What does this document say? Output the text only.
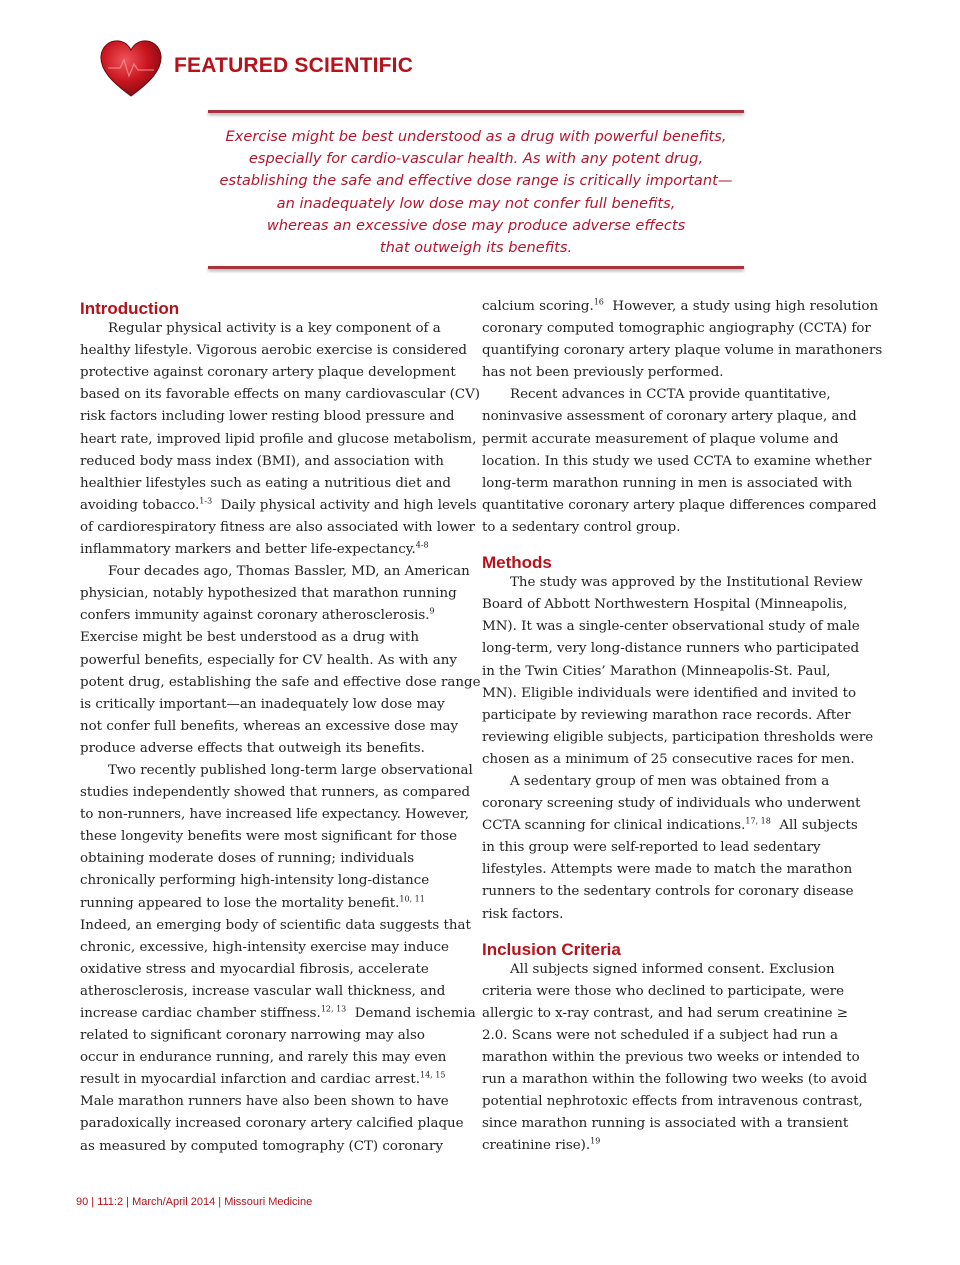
FEATURED SCIENTIFIC

Exercise might be best understood as a drug with powerful benefits,
especially for cardio-vascular health. As with any potent drug,
establishing the safe and effective dose range is critically important—
an inadequately low dose may not confer full benefits,
whereas an excessive dose may produce adverse effects
that outweigh its benefits.

Introduction
Regular physical activity is a key component of a
healthy lifestyle. Vigorous aerobic exercise is considered
protective against coronary artery plaque development
based on its favorable effects on many cardiovascular (CV)
risk factors including lower resting blood pressure and
heart rate, improved lipid profile and glucose metabolism,
reduced body mass index (BMI), and association with
healthier lifestyles such as eating a nutritious diet and
avoiding tobacco.$^{1-3}$  Daily physical activity and high levels
of cardiorespiratory fitness are also associated with lower
inflammatory markers and better life-expectancy.$^{4-8}$
Four decades ago, Thomas Bassler, MD, an American
physician, notably hypothesized that marathon running
confers immunity against coronary atherosclerosis.$^9$
Exercise might be best understood as a drug with
powerful benefits, especially for CV health. As with any
potent drug, establishing the safe and effective dose range
is critically important—an inadequately low dose may
not confer full benefits, whereas an excessive dose may
produce adverse effects that outweigh its benefits.
Two recently published long-term large observational
studies independently showed that runners, as compared
to non-runners, have increased life expectancy. However,
these longevity benefits were most significant for those
obtaining moderate doses of running; individuals
chronically performing high-intensity long-distance
running appeared to lose the mortality benefit.$^{10, 11}$
Indeed, an emerging body of scientific data suggests that
chronic, excessive, high-intensity exercise may induce
oxidative stress and myocardial fibrosis, accelerate
atherosclerosis, increase vascular wall thickness, and
increase cardiac chamber stiffness.$^{12, 13}$  Demand ischemia
related to significant coronary narrowing may also
occur in endurance running, and rarely this may even
result in myocardial infarction and cardiac arrest.$^{14, 15}$
Male marathon runners have also been shown to have
paradoxically increased coronary artery calcified plaque
as measured by computed tomography (CT) coronary
calcium scoring.$^{16}$  However, a study using high resolution
coronary computed tomographic angiography (CCTA) for
quantifying coronary artery plaque volume in marathoners
has not been previously performed.
Recent advances in CCTA provide quantitative,
noninvasive assessment of coronary artery plaque, and
permit accurate measurement of plaque volume and
location. In this study we used CCTA to examine whether
long-term marathon running in men is associated with
quantitative coronary artery plaque differences compared
to a sedentary control group.
Methods
The study was approved by the Institutional Review
Board of Abbott Northwestern Hospital (Minneapolis,
MN). It was a single-center observational study of male
long-term, very long-distance runners who participated
in the Twin Cities’ Marathon (Minneapolis-St. Paul,
MN). Eligible individuals were identified and invited to
participate by reviewing marathon race records. After
reviewing eligible subjects, participation thresholds were
chosen as a minimum of 25 consecutive races for men.
A sedentary group of men was obtained from a
coronary screening study of individuals who underwent
CCTA scanning for clinical indications.$^{17, 18}$  All subjects
in this group were self-reported to lead sedentary
lifestyles. Attempts were made to match the marathon
runners to the sedentary controls for coronary disease
risk factors.
Inclusion Criteria
All subjects signed informed consent. Exclusion
criteria were those who declined to participate, were
allergic to x-ray contrast, and had serum creatinine ≥
2.0. Scans were not scheduled if a subject had run a
marathon within the previous two weeks or intended to
run a marathon within the following two weeks (to avoid
potential nephrotoxic effects from intravenous contrast,
since marathon running is associated with a transient
creatinine rise).$^{19}$
90 | 111:2 | March/April 2014 | Missouri Medicine
